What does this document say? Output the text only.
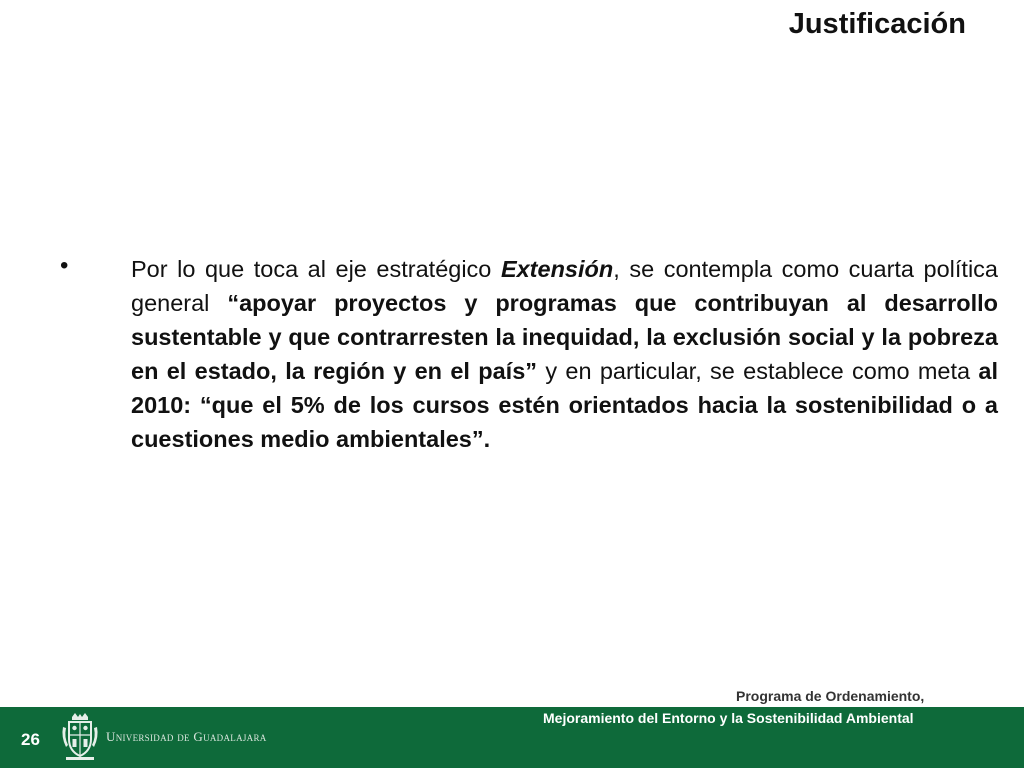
Justificación
•	Por lo que toca al eje estratégico Extensión, se contempla como cuarta política general “apoyar proyectos y programas que contribuyan al desarrollo sustentable y que contrarresten la inequidad, la exclusión social y la pobreza en el estado, la región y en el país” y en particular, se establece como meta al 2010: “que el 5% de los cursos estén orientados hacia la sostenibilidad o a cuestiones medio ambientales”.
Programa de Ordenamiento,
Mejoramiento del Entorno y la Sostenibilidad Ambiental
26	Universidad de Guadalajara
